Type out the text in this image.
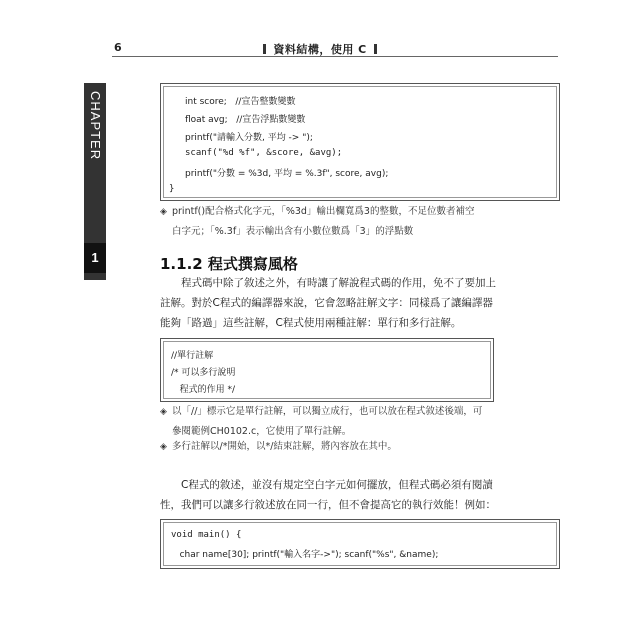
6	資料結構，使用 C
CHAPTER
1
int score;   //宣告整數變數
float avg;   //宣告浮點數變數
printf("請輸入分數, 平均 -> ");
scanf("%d %f", &score, &avg);
printf("分數 = %3d, 平均 = %.3f", score, avg);
}
◈ printf()配合格式化字元，「%3d」輸出欄寬爲3的整數，不足位數者補空
白字元；「%.3f」表示輸出含有小數位數爲「3」的浮點數
1.1.2 程式撰寫風格
程式碼中除了敘述之外，有時讓了解說程式碼的作用，免不了要加上
註解。對於C程式的編譯器來說，它會忽略註解文字：同樣爲了讓編譯器
能夠「路過」這些註解，C程式使用兩種註解：單行和多行註解。
//單行註解
/* 可以多行說明
程式的作用 */
◈ 以「//」標示它是單行註解，可以獨立成行，也可以放在程式敘述後端，可
參閱範例CH0102.c，它使用了單行註解。
◈ 多行註解以/*開始，以*/結束註解，將內容放在其中。
C程式的敘述，並沒有規定空白字元如何擺放，但程式碼必須有閱讀
性，我們可以讓多行敘述放在同一行，但不會提高它的執行效能！例如：
void main() {
char name[30]; printf("輸入名字->"); scanf("%s", &name);
